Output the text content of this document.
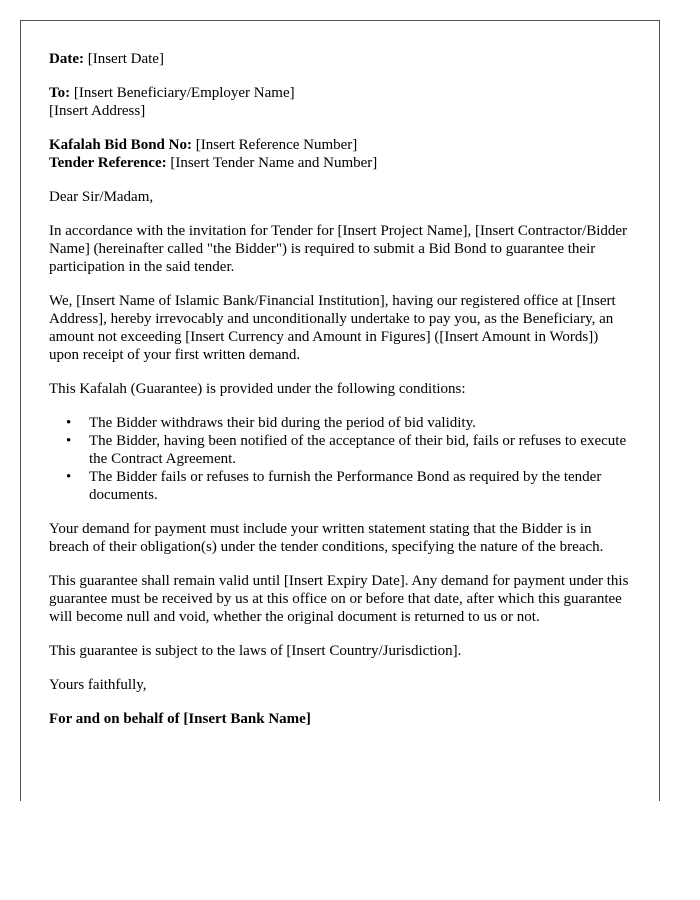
Date: [Insert Date]

To: [Insert Beneficiary/Employer Name]
[Insert Address]

Kafalah Bid Bond No: [Insert Reference Number]
Tender Reference: [Insert Tender Name and Number]

Dear Sir/Madam,

In accordance with the invitation for Tender for [Insert Project Name], [Insert Contractor/Bidder Name] (hereinafter called "the Bidder") is required to submit a Bid Bond to guarantee their participation in the said tender.

We, [Insert Name of Islamic Bank/Financial Institution], having our registered office at [Insert Address], hereby irrevocably and unconditionally undertake to pay you, as the Beneficiary, an amount not exceeding [Insert Currency and Amount in Figures] ([Insert Amount in Words]) upon receipt of your first written demand.

This Kafalah (Guarantee) is provided under the following conditions:

• The Bidder withdraws their bid during the period of bid validity.
• The Bidder, having been notified of the acceptance of their bid, fails or refuses to execute the Contract Agreement.
• The Bidder fails or refuses to furnish the Performance Bond as required by the tender documents.

Your demand for payment must include your written statement stating that the Bidder is in breach of their obligation(s) under the tender conditions, specifying the nature of the breach.

This guarantee shall remain valid until [Insert Expiry Date]. Any demand for payment under this guarantee must be received by us at this office on or before that date, after which this guarantee will become null and void, whether the original document is returned to us or not.

This guarantee is subject to the laws of [Insert Country/Jurisdiction].

Yours faithfully,

For and on behalf of [Insert Bank Name]
